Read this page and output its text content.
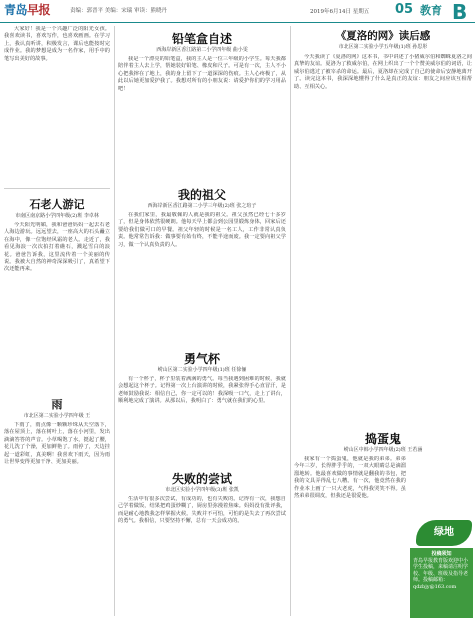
青岛早报	责编：郭晋平 美编：宋瑞 审读：熊晓丹	2019年6月14日 星期五 05 教育 B

大家好！我是一个兴趣广泛的阳光女孩。我喜欢读书，喜欢写作，也喜欢画画。在学习上，我认真听讲，积极发言，课后也能按时完成作业。我的梦想是成为一名作家，用手中的笔写出美好的故事。

石老人游记
市南区南京路小学四年级(2)班 李卓林

今天阳光明媚，我和爸爸妈妈一起去石老人海边游玩。远远望去，一座高大的石头矗立在海中，像一位饱经风霜的老人。走近了，我看见海浪一次次拍打着礁石，溅起雪白的浪花。爸爸告诉我，这里流传着一个美丽的传说。我被大自然的神奇深深吸引了，真希望下次还能再来。

雨
市北区第二实验小学四年级 王

下雨了，雨点像一颗颗珍珠从天空落下，落在屋顶上，落在树叶上，落在小河里，发出滴滴答答的声音。小草喝饱了水，挺起了腰，花儿洗了个澡，更加鲜艳了。雨停了，天边挂起一道彩虹，真美啊！我喜欢下雨天，因为雨让世界变得更加干净、更加美丽。

铅笔盒自述
西海岸新区香江路第二小学四年级 曲小雯

我是一个漂亮的铅笔盒，我的主人是一位三年级的小学生。每天我都陪伴着主人去上学，帮她装好铅笔、橡皮和尺子。可是有一次，主人不小心把我摔在了地上，我的身上留下了一道深深的伤痕。主人心疼极了，从此以后她更加爱护我了。我想对所有的小朋友说：请爱护你们的学习用品吧！

我的祖父
西海岸新区香江路第二小学三年级(2)班 张之瑄子

在我们家里，我最敬佩的人就是我的祖父。祖父虽然已经七十多岁了，但是身体依然很硬朗。他每天早上都会到公园里锻炼身体，回家后还要给我们做可口的早餐。祖父年轻的时候是一名工人，工作非常认真负责。他常常告诉我：做事要有始有终，不能半途而废。我一定要向祖父学习，做一个认真负责的人。

勇气杯
崂山区第二实验小学四年级(1)班 任徐俪

有一个杯子，杯子里装着满满的勇气。每当我遇到困难的时候，我就会想起这个杯子。记得第一次上台演讲的时候，我紧张得手心直冒汗，是老师鼓励我说：相信自己，你一定可以的！我深吸一口气，走上了讲台，顺利地完成了演讲。从那以后，我明白了：勇气就在我们的心里。

失败的尝试
市北区实验小学四年级(3)班 张凯

生活中有很多次尝试，有成功的，也有失败的。记得有一次，我想自己学着做饭，结果把鸡蛋炒糊了，厨房里弥漫着焦味。妈妈没有批评我，而是耐心地教我怎样掌握火候。失败并不可怕，可怕的是失去了再次尝试的勇气。我相信，只要坚持不懈，总有一天会成功的。

《夏洛的网》读后感
市北区第二实验小学五年级(1)班 孙思彤

今天我读了《夏洛的网》这本书，书中讲述了小猪威尔伯和蜘蛛夏洛之间真挚的友谊。夏洛为了救威尔伯，在网上织出了一个个赞美威尔伯的词语，让威尔伯逃过了被宰杀的命运。最后，夏洛却在完成了自己的使命后安静地离开了。读完这本书，我深深地懂得了什么是真正的友谊：朋友之间应该互相帮助、互相关心。

捣蛋鬼
崂山区中韩小学四年级(2)班 王若涵

我家有一个捣蛋鬼，他就是我的弟弟。弟弟今年三岁，长得胖乎乎的，一双大眼睛总是滴溜溜地转。他最喜欢做的事情就是翻我的书包，把我的文具弄得乱七八糟。有一次，他竟然在我的作业本上画了一只大老虎，气得我哭笑不得。虽然弟弟很调皮，但我还是很爱他。

绿地
投稿须知
青岛早报教育版欢迎中小学生投稿，来稿请注明学校、年级、班级及指导老师。投稿邮箱：qdzbjy@163.com
